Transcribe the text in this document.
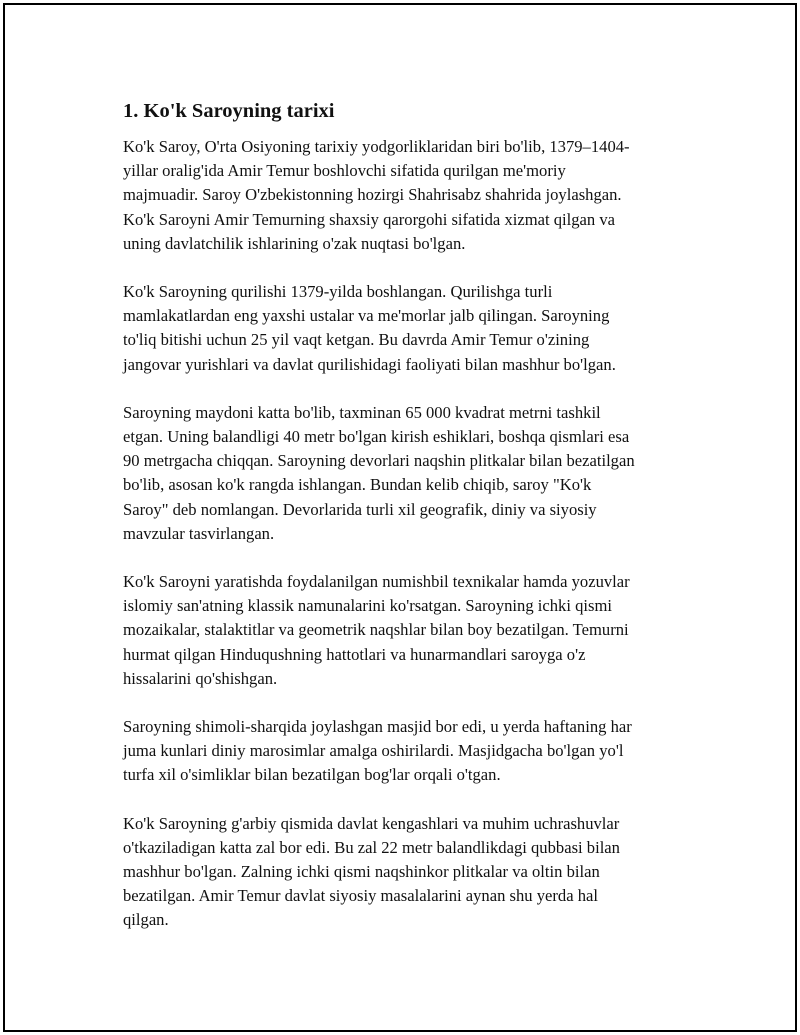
1. Ko'k Saroyning tarixi

Ko'k Saroy, O'rta Osiyoning tarixiy yodgorliklaridan biri bo'lib, 1379–1404-
yillar oralig'ida Amir Temur boshlovchi sifatida qurilgan me'moriy
majmuadir. Saroy O'zbekistonning hozirgi Shahrisabz shahrida joylashgan.
Ko'k Saroyni Amir Temurning shaxsiy qarorgohi sifatida xizmat qilgan va
uning davlatchilik ishlarining o'zak nuqtasi bo'lgan.

Ko'k Saroyning qurilishi 1379-yilda boshlangan. Qurilishga turli
mamlakatlardan eng yaxshi ustalar va me'morlar jalb qilingan. Saroyning
to'liq bitishi uchun 25 yil vaqt ketgan. Bu davrda Amir Temur o'zining
jangovar yurishlari va davlat qurilishidagi faoliyati bilan mashhur bo'lgan.

Saroyning maydoni katta bo'lib, taxminan 65 000 kvadrat metrni tashkil
etgan. Uning balandligi 40 metr bo'lgan kirish eshiklari, boshqa qismlari esa
90 metrgacha chiqqan. Saroyning devorlari naqshin plitkalar bilan bezatilgan
bo'lib, asosan ko'k rangda ishlangan. Bundan kelib chiqib, saroy "Ko'k
Saroy" deb nomlangan. Devorlarida turli xil geografik, diniy va siyosiy
mavzular tasvirlangan.

Ko'k Saroyni yaratishda foydalanilgan numishbil texnikalar hamda yozuvlar
islomiy san'atning klassik namunalarini ko'rsatgan. Saroyning ichki qismi
mozaikalar, stalaktitlar va geometrik naqshlar bilan boy bezatilgan. Temurni
hurmat qilgan Hinduqushning hattotlari va hunarmandlari saroyga o'z
hissalarini qo'shishgan.

Saroyning shimoli-sharqida joylashgan masjid bor edi, u yerda haftaning har
juma kunlari diniy marosimlar amalga oshirilardi. Masjidgacha bo'lgan yo'l
turfa xil o'simliklar bilan bezatilgan bog'lar orqali o'tgan.

Ko'k Saroyning g'arbiy qismida davlat kengashlari va muhim uchrashuvlar
o'tkaziladigan katta zal bor edi. Bu zal 22 metr balandlikdagi qubbasi bilan
mashhur bo'lgan. Zalning ichki qismi naqshinkor plitkalar va oltin bilan
bezatilgan. Amir Temur davlat siyosiy masalalarini aynan shu yerda hal
qilgan.
